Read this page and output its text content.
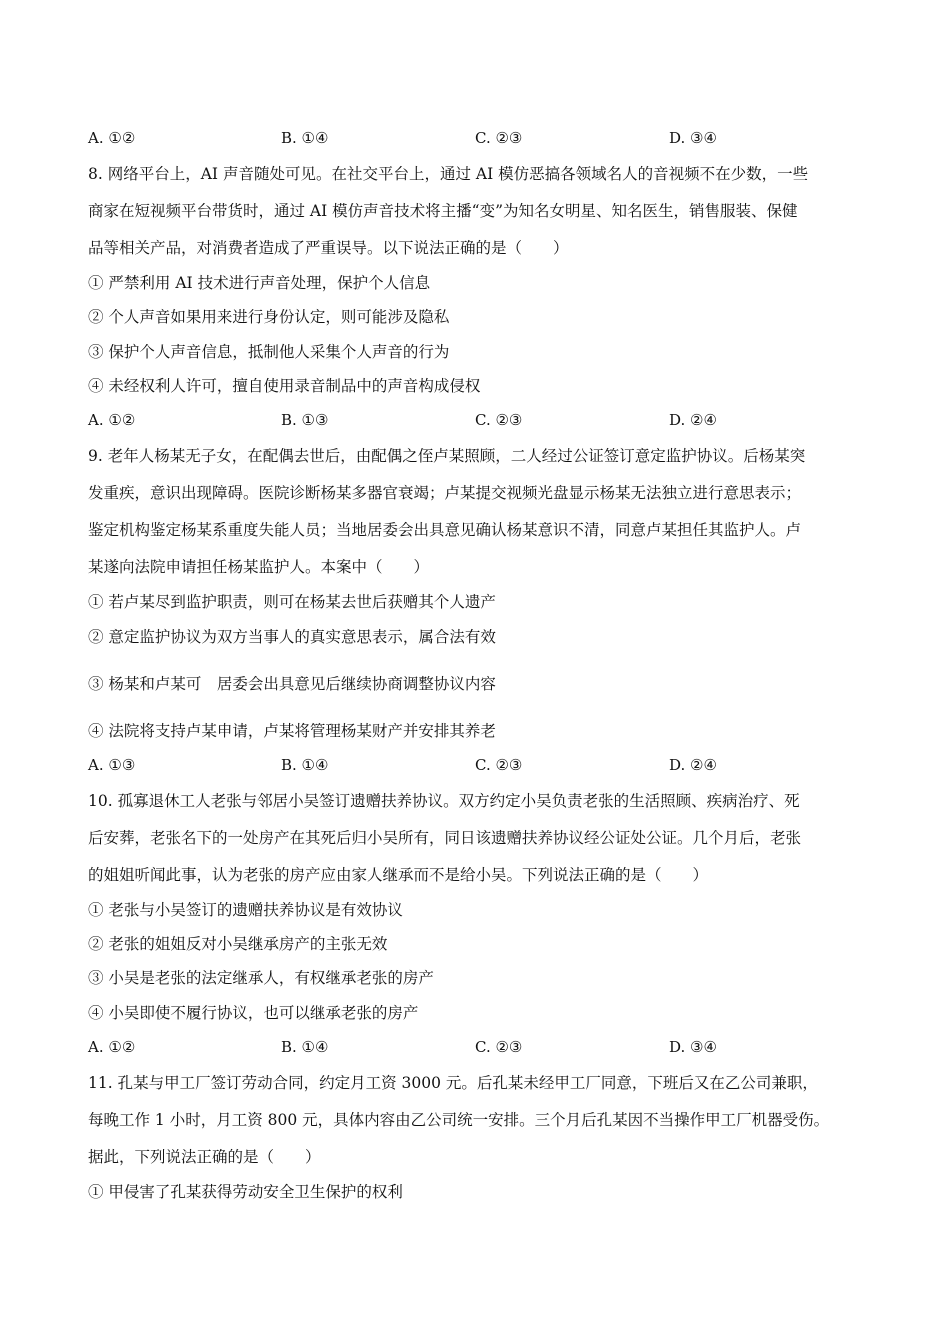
A. ①②	B. ①④	C. ②③	D. ③④
8. 网络平台上，AI 声音随处可见。在社交平台上，通过 AI 模仿恶搞各领域名人的音视频不在少数，一些
商家在短视频平台带货时，通过 AI 模仿声音技术将主播“变”为知名女明星、知名医生，销售服装、保健
品等相关产品，对消费者造成了严重误导。以下说法正确的是（　　）
① 严禁利用 AI 技术进行声音处理，保护个人信息
② 个人声音如果用来进行身份认定，则可能涉及隐私
③ 保护个人声音信息，抵制他人采集个人声音的行为
④ 未经权利人许可，擅自使用录音制品中的声音构成侵权
A. ①②	B. ①③	C. ②③	D. ②④
9. 老年人杨某无子女，在配偶去世后，由配偶之侄卢某照顾，二人经过公证签订意定监护协议。后杨某突
发重疾，意识出现障碍。医院诊断杨某多器官衰竭；卢某提交视频光盘显示杨某无法独立进行意思表示；
鉴定机构鉴定杨某系重度失能人员；当地居委会出具意见确认杨某意识不清，同意卢某担任其监护人。卢
某遂向法院申请担任杨某监护人。本案中（　　）
① 若卢某尽到监护职责，则可在杨某去世后获赠其个人遗产
② 意定监护协议为双方当事人的真实意思表示，属合法有效
③ 杨某和卢某可　居委会出具意见后继续协商调整协议内容
④ 法院将支持卢某申请，卢某将管理杨某财产并安排其养老
A. ①③	B. ①④	C. ②③	D. ②④
10. 孤寡退休工人老张与邻居小吴签订遗赠扶养协议。双方约定小吴负责老张的生活照顾、疾病治疗、死
后安葬，老张名下的一处房产在其死后归小吴所有，同日该遗赠扶养协议经公证处公证。几个月后，老张
的姐姐听闻此事，认为老张的房产应由家人继承而不是给小吴。下列说法正确的是（　　）
① 老张与小吴签订的遗赠扶养协议是有效协议
② 老张的姐姐反对小吴继承房产的主张无效
③ 小吴是老张的法定继承人，有权继承老张的房产
④ 小吴即使不履行协议，也可以继承老张的房产
A. ①②	B. ①④	C. ②③	D. ③④
11. 孔某与甲工厂签订劳动合同，约定月工资 3000 元。后孔某未经甲工厂同意，下班后又在乙公司兼职，
每晚工作 1 小时，月工资 800 元，具体内容由乙公司统一安排。三个月后孔某因不当操作甲工厂机器受伤。
据此，下列说法正确的是（　　）
① 甲侵害了孔某获得劳动安全卫生保护的权利
